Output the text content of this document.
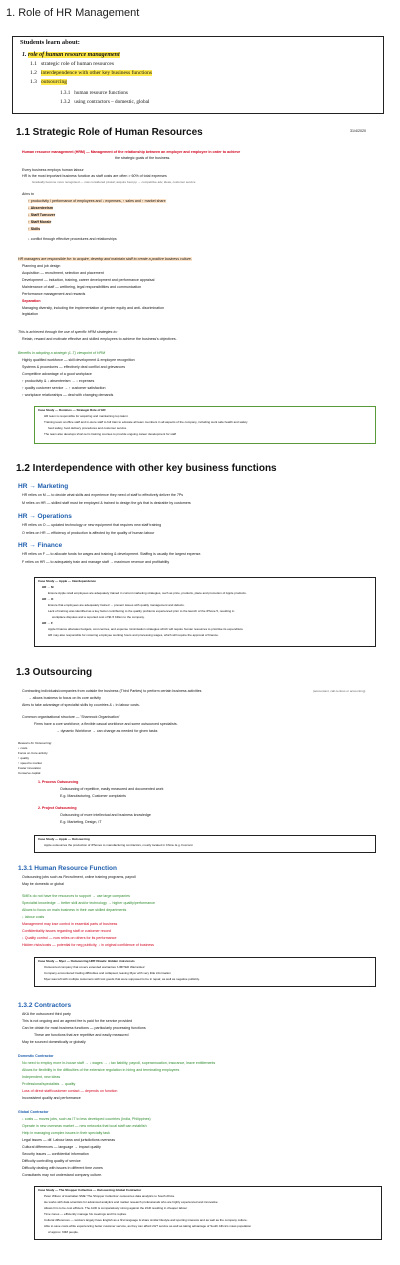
1. Role of HR Management
Students learn about:
1. role of human resource management
1.1 strategic role of human resources
1.2 interdependence with other key business functions
1.3 outsourcing
1.3.1 human resource functions
1.3.2 using contractors – domestic, global
1.1 Strategic Role of Human Resources	31/4/2020
Human resource management (HRM) — Management of the relationship between an employer and employee in order to achieve
the strategic goals of the business.
Every business employs human labour
HR is the most important business function as staff costs are often > 60% of total expenses
Gradually become more recognised — now considered pivotal; acquire best pp → competitive adv, ideas, customer service
Aims to
↑ productivity / performance of employees and ↓ expenses, ↑ sales and ↑ market share
↓ Absenteeism
↓ Staff Turnover
↑ Staff Morale
↑ Skills
↓ conflict through effective procedures and relationships
HR managers are responsible for: to acquire, develop and maintain staff to create a positive business culture.
Planning and job design
Acquisition — recruitment, selection and placement
Development — induction, training, career development and performance appraisal
Maintenance of staff — wellbeing, legal responsibilities and communication
Performance management and rewards
Separation
Managing diversity, including the implementation of gender equity and anti- discrimination
legislation
This is achieved through the use of specific HRM strategies to:
Retain, reward and motivate effective and skilled employees to achieve the business's objectives.
Benefits in adopting a strategic (L-T) viewpoint of HRM
Highly qualified workforce — skill development & employee recognition
Systems & procedures — effectively deal conflict and grievances
Competitive advantage of a good workplace
↑ productivity & ↓ absenteeism → ↓ expenses
↑ quality customer service → ↑ customer satisfaction
↑ workplace relationships — deal with changing demands
Case Study — Dominos — Strategic Role of HR
HR team is responsible for acquiring and maintaining top talent
Training team at office staff and in-store staff to full train to educate all team members in all aspects of the company, including work safe health and safety
food safety, food delivery procedures and customer service
The team also develops short-term training courses to provide ongoing career development for staff
1.2 Interdependence with other key business functions
HR → Marketing
HR relies on M — to decide what skills and experience they need of staff to effectively deliver the 7Ps
M relies on HR — skilled staff must be employed & trained to design the g/s that is desirable by customers
HR → Operations
HR relies on O — updated technology or new equipment that requires new staff training
O relies on HR — efficiency of production is affected by the quality of human labour
HR → Finance
HR relies on F — to allocate funds for wages and training & development. Staffing is usually the largest expense.
F relies on HR — to adequately train and manage staff → maximum revenue and profitability
Case Study — Apple — Interdependence
HR → M
Ensure Apple retail employees are adequately trained in current marketing strategies, such as price, products, place and promotion of Apple products.
HR → O
Ensure that employees are adequately trained → prevent issues with quality management and defects.
Lack of training was identified as a key factor contributing to the quality problems experienced prior to the launch of the iPhone 5, resulting in
workplace disputes and a reported cost of $1.5 billion to the company.
HR → F
Apple Finance allocates budgets, cost centres, and expense minimisation strategies which will require human resources to prioritise its expenditure
HR may also responsible for rostering employee working hours and processing wages, which will require the approval of finance.
1.3 Outsourcing
Contracting individuals/companies from outside the business (Third Parties) to perform certain business activities	(accountant, call centres or accounting)
→ allows business to focus on its core activity
Aims to take advantage of specialist skills by countries & ↓ in labour costs.
Common organisational structure — 'Shamrock Organisation'
Firms have a core workforce, a flexible casual workforce and some outsourced specialists.
→ dynamic Workforce → can change as needed for given tasks
Reasons for Outsourcing:
↓ costs
Focus on Core activity
↑ quality
↑ speed to market
Foster innovation
Conserve capital
1. Process Outsourcing
Outsourcing of repetitive, easily measured and documented work
E.g. Manufacturing, Customer complaints
2. Project Outsourcing
Outsourcing of more intellectual and business knowledge
E.g. Marketing, Design, IT
Case Study — Apple — Outsourcing
Apple outsources the production of iPhones to manufacturing contractors, mostly located in China. E.g. Foxconn
1.3.1 Human Resource Function
Outsourcing jobs such as Recruitment, online training programs, payroll
May be domestic or global
SMEs do not have the resources to support → use large companies
Specialist knowledge → better skill and/or technology → higher quality/performance
Allows to focus on main business in their own skilled departments
↓ labour costs
Management may lose control in essential parts of business
Confidentiality issues regarding staff or customer record
↓ Quality control — now relies on others for its performance
Hidden risks/costs — potential for neg publicity, ↓ in original confidence of business
Case Study — Myer — Outsourcing HRF Dixads: Hidden risks/costs
Outsourced company that covers extended warranties 'LIMITED Warranties'
Company encountered trading difficulties and collapsed, leaving Myer with very little information
Myer was left with multiple customers with lost goods that were supposed to be in repair, as well as negative publicity.
1.3.2 Contractors
AKA the outsourced third party
This is not ongoing and an agreed fee is paid for the service provided
Can be obtain for most business functions — particularly processing functions
These are functions that are repetitive and easily measured
May be sourced domestically or globally
Domestic Contractor
No need to employ more in-house staff → ↓ wages → ↓ tax liability, payroll, superannuation, insurance, leave entitlements
Allows for flexibility in the difficulties of the extensive regulation in hiring and terminating employees
Independent, new ideas
Professional/specialists → quality
Loss of direct staff/customer contact — depends on function
Inconsistent quality and performance
Global Contractor
↓ costs — moves jobs, such as IT to less developed countries (India, Philippines)
Operate in new overseas market — new networks that local staff can establish
Help in managing complex issues in their specialty task
Legal issues — dif. Labour laws and jurisdictions overseas
Cultural differences — language → impact quality
Security issues — confidential information
Difficulty controlling quality of service
Difficulty dealing with issues in different time zones
Consultants may not understand company culture.
Case Study — The Shopper Collective — Outsourcing Global Contractor
Peter Wilson of Australian SME 'The Shopper Collective' outsources data analytics to South Africa.
He works with data scientists for advanced analytics and market research professionals who are highly experienced and innovative.
Allows him to be cost efficient. The AUD is comparatively strong against the ZAR resulting in cheaper labour
Time zones — efficiently manage his meetings and his replies.
Cultural differences — workers largely have English as a first language & share similar lifestyle and sporting interests and as well as the company culture.
Able to save costs while experiencing better customer service, as they can afford 24/7 service as well as taking advantage of South Africa's mass population
of approx. 60M people.
